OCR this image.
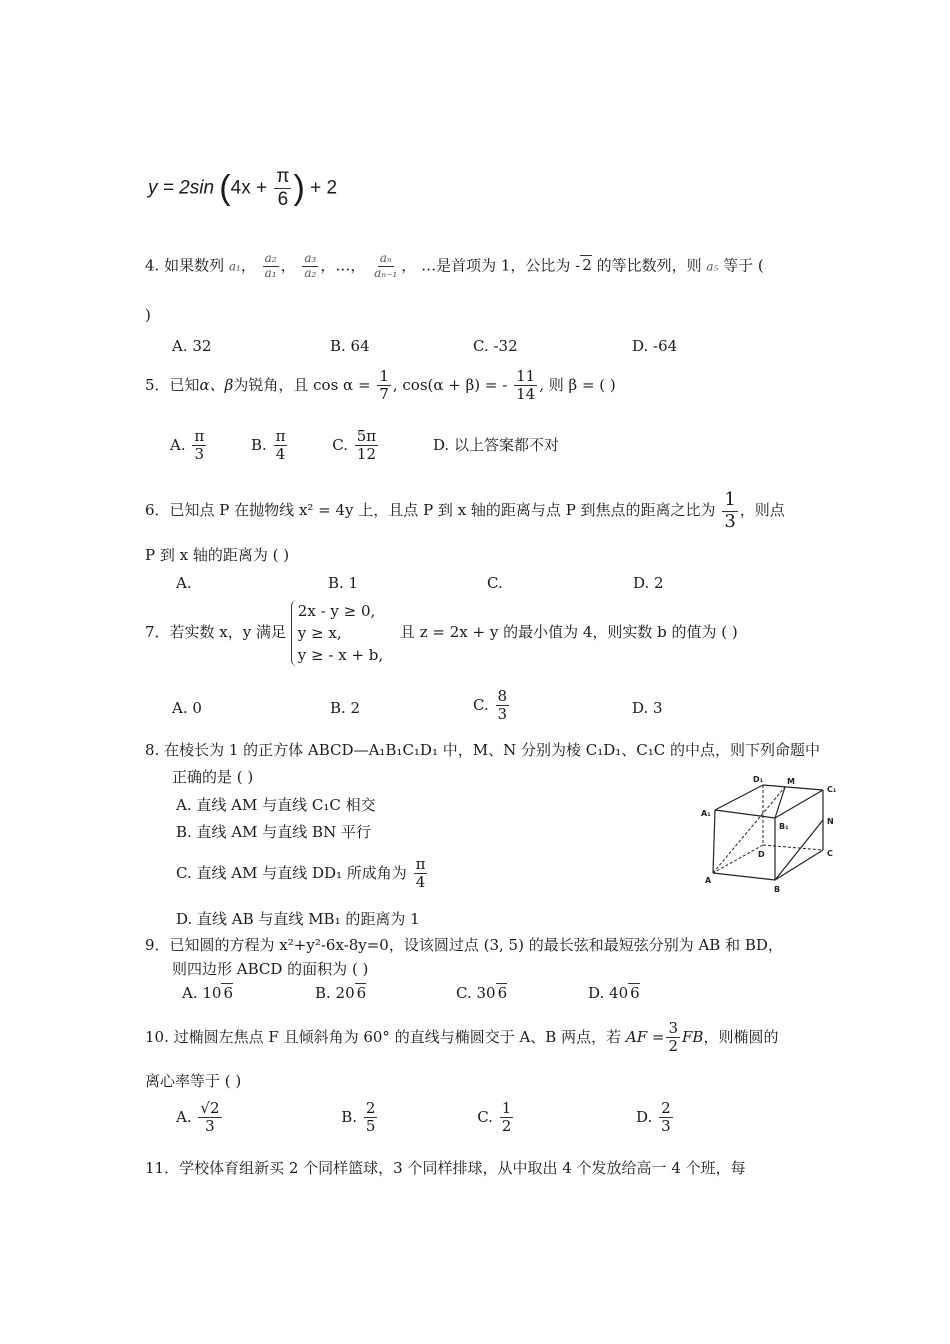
y = 2sin ($4x + \frac{\pi}{6}$ ) + 2
4. 如果数列 a₁， $\frac{\text{a₂}}{\text{a₁}}$ ， $\frac{\text{a₃}}{\text{a₂}}$ ，…， $\frac{\text{aₙ}}{\text{aₙ₋₁}}$ ， …是首项为 1，公比为 - 2 的等比数列，则 a₅ 等于 (
)
A. 32	B. 64	C. -32	D. -64
5．已知α、β为锐角，且 $\cos \alpha = \frac{1}{7}$ , cos(α + β) = - $\frac{11}{14}$ , 则 β = ( )
A. $\frac{\pi}{3}$	B. $\frac{\pi}{4}$	C. $\frac{5\pi}{12}$	D. 以上答案都不对
6．已知点 P 在抛物线 x² = 4y 上，且点 P 到 x 轴的距离与点 P 到焦点的距离之比为 $\frac{1}{3}$ ，则点
P 到 x 轴的距离为 ( )
A.	B. 1	C.	D. 2
7．若实数 x，y 满足
2x - y ≥ 0,
y ≥ x,
y ≥ - x + b,
且 z = 2x + y 的最小值为 4，则实数 b 的值为 ( )
A. 0	B. 2	C. $\frac{8}{3}$	D. 3
8. 在棱长为 1 的正方体 ABCD—A₁B₁C₁D₁ 中，M、N 分别为棱 C₁D₁、C₁C 的中点，则下列命题中
正确的是 ( )
A. 直线 AM 与直线 C₁C 相交
B. 直线 AM 与直线 BN 平行
C. 直线 AM 与直线 DD₁ 所成角为 $\frac{\pi}{4}$
D. 直线 AB 与直线 MB₁ 的距离为 1
D₁	M
C₁
A₁
B₁
N
D	C
A
B
9．已知圆的方程为 x²+y²-6x-8y=0，设该圆过点 (3, 5) 的最长弦和最短弦分别为 AB 和 BD，
则四边形 ABCD 的面积为 ( )
A. 10 6	B. 20 6	C. 30 6	D. 40 6
10. 过椭圆左焦点 F 且倾斜角为 60° 的直线与椭圆交于 A、B 两点，若 AF = $\frac{3}{2}$ FB，则椭圆的
离心率等于 ( )
A. $\frac{√2}{3}$	B. $\frac{2}{5}$	C. $\frac{1}{2}$	D. $\frac{2}{3}$
11．学校体育组新买 2 个同样篮球，3 个同样排球，从中取出 4 个发放给高一 4 个班，每
